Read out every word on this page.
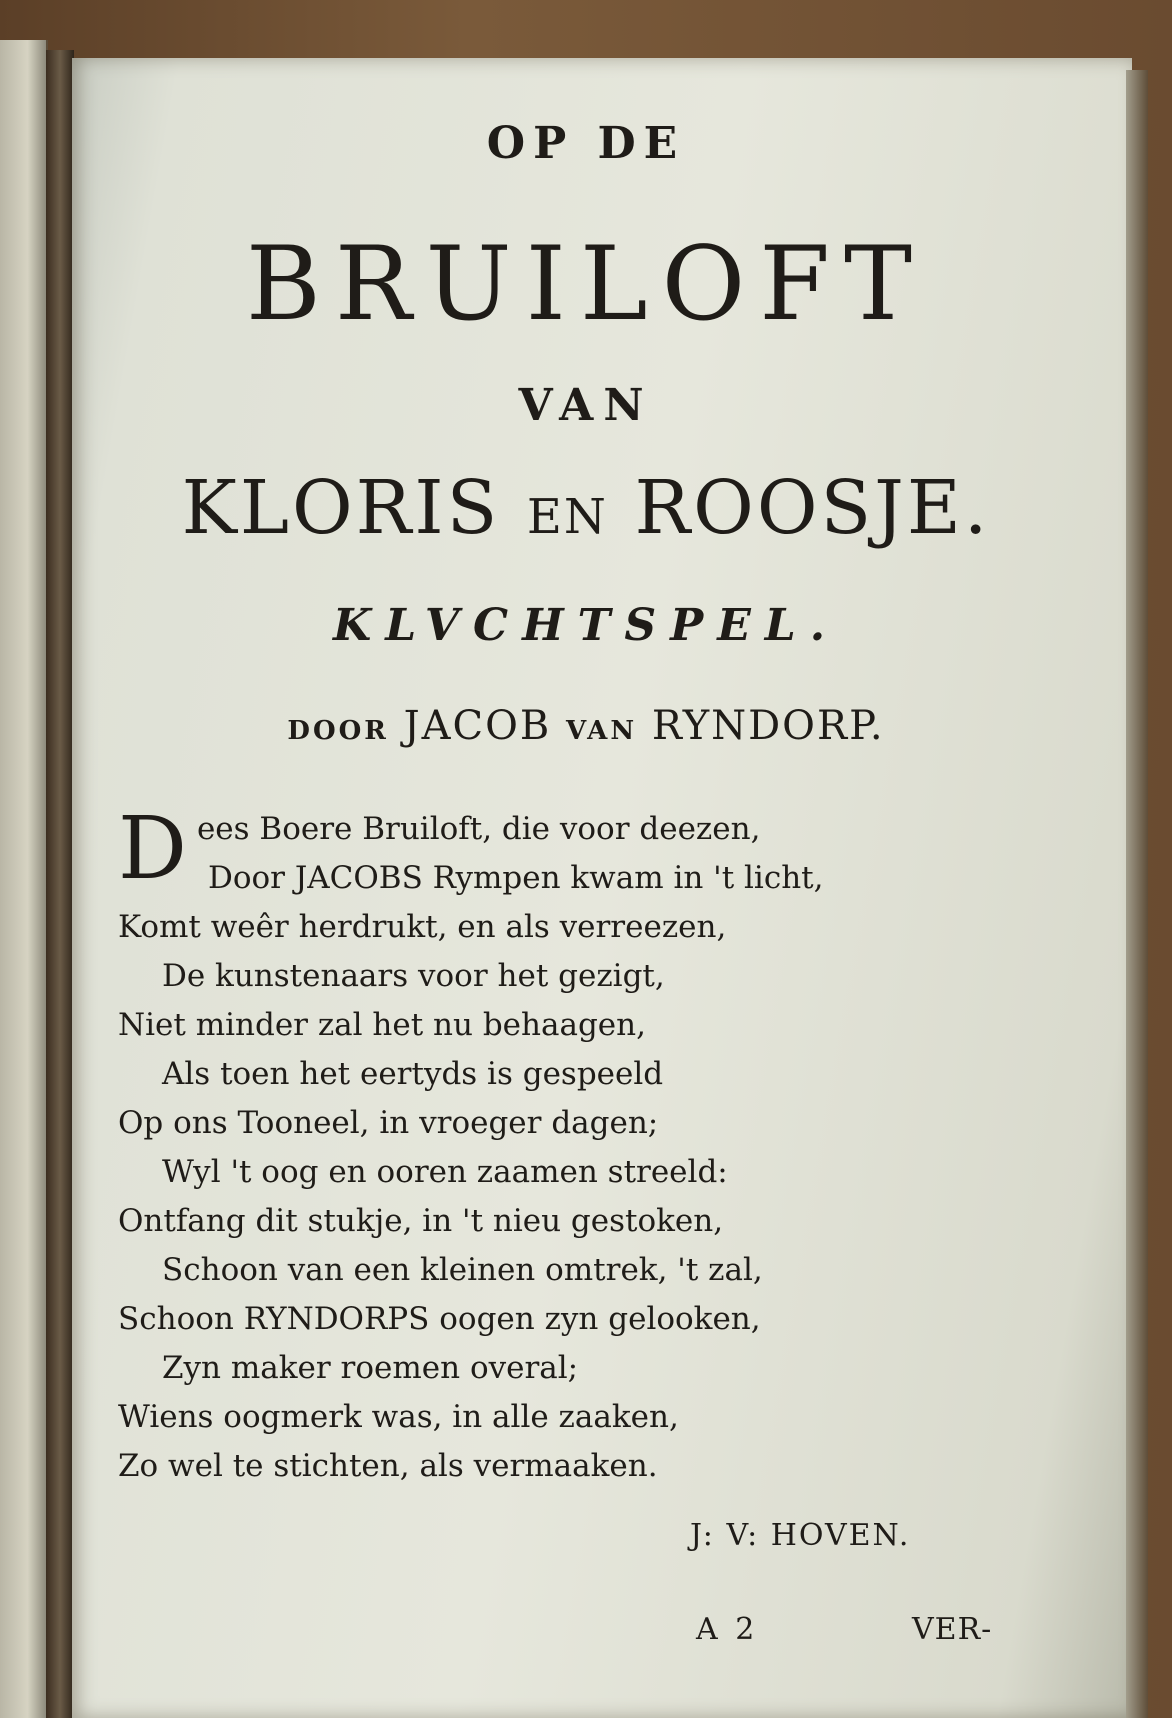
OP DE
BRUILOFT
VAN
KLORIS EN ROOSJE.
KLVCHTSPEL.
DOOR JACOB VAN RYNDORP.
D ees Boere Bruiloft, die voor deezen,
Door JACOBS Rympen kwam in 't licht,
Komt weêr herdrukt, en als verreezen,
De kunstenaars voor het gezigt,
Niet minder zal het nu behaagen,
Als toen het eertyds is gespeeld
Op ons Tooneel, in vroeger dagen;
Wyl 't oog en ooren zaamen streeld:
Ontfang dit stukje, in 't nieu gestoken,
Schoon van een kleinen omtrek, 't zal,
Schoon RYNDORPS oogen zyn gelooken,
Zyn maker roemen overal;
Wiens oogmerk was, in alle zaaken,
Zo wel te stichten, als vermaaken.
J: V: HOVEN.
A 2	VER-
